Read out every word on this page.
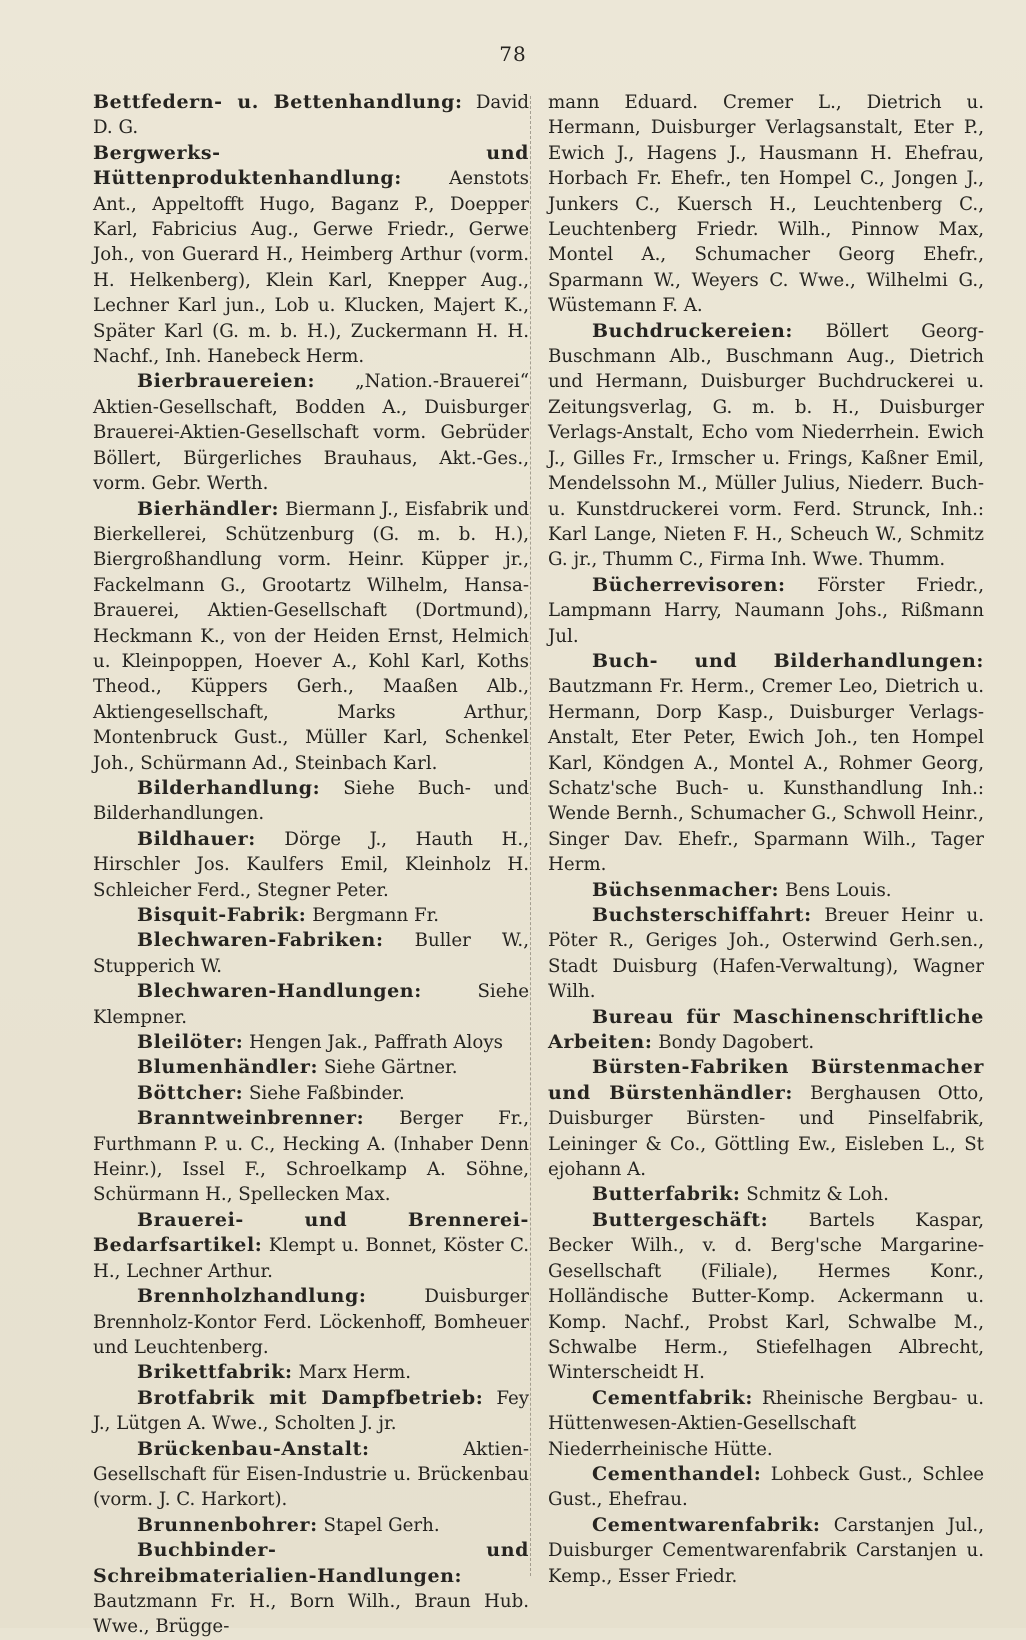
78

Bettfedern- u. Bettenhandlung: David D. G.

Bergwerks- und Hüttenproduktenhandlung: Aenstots Ant., Appeltofft Hugo, Baganz P., Doepper Karl, Fabricius Aug., Gerwe Friedr., Gerwe Joh., von Guerard H., Heimberg Arthur (vorm. H. Helkenberg), Klein Karl, Knepper Aug., Lechner Karl jun., Lob u. Klucken, Majert K., Später Karl (G. m. b. H.), Zuckermann H. H. Nachf., Inh. Hanebeck Herm.

Bierbrauereien: „Nation.-Brauerei“ Aktien-Gesellschaft, Bodden A., Duisburger Brauerei-Aktien-Gesellschaft vorm. Gebrüder Böllert, Bürgerliches Brauhaus, Akt.-Ges., vorm. Gebr. Werth.

Bierhändler: Biermann J., Eisfabrik und Bierkellerei, Schützenburg (G. m. b. H.), Biergroßhandlung vorm. Heinr. Küpper jr., Fackelmann G., Grootartz Wilhelm, Hansa-Brauerei, Aktien-Gesellschaft (Dortmund), Heckmann K., von der Heiden Ernst, Helmich u. Kleinpoppen, Hoever A., Kohl Karl, Koths Theod., Küppers Gerh., Maaßen Alb., Aktiengesellschaft, Marks Arthur, Montenbruck Gust., Müller Karl, Schenkel Joh., Schürmann Ad., Steinbach Karl.

Bilderhandlung: Siehe Buch- und Bilderhandlungen.

Bildhauer: Dörge J., Hauth H., Hirschler Jos. Kaulfers Emil, Kleinholz H. Schleicher Ferd., Stegner Peter.

Bisquit-Fabrik: Bergmann Fr.

Blechwaren-Fabriken: Buller W., Stupperich W.

Blechwaren-Handlungen: Siehe Klempner.

Bleilöter: Hengen Jak., Paffrath Aloys

Blumenhändler: Siehe Gärtner.

Böttcher: Siehe Faßbinder.

Branntweinbrenner: Berger Fr., Furthmann P. u. C., Hecking A. (Inhaber Denn Heinr.), Issel F., Schroelkamp A. Söhne, Schürmann H., Spellecken Max.

Brauerei- und Brennerei-Bedarfsartikel: Klempt u. Bonnet, Köster C. H., Lechner Arthur.

Brennholzhandlung: Duisburger Brennholz-Kontor Ferd. Löckenhoff, Bomheuer und Leuchtenberg.

Brikettfabrik: Marx Herm.

Brotfabrik mit Dampfbetrieb: Fey J., Lütgen A. Wwe., Scholten J. jr.

Brückenbau-Anstalt: Aktien-Gesellschaft für Eisen-Industrie u. Brückenbau (vorm. J. C. Harkort).

Brunnenbohrer: Stapel Gerh.

Buchbinder- und Schreibmaterialien-Handlungen: Bautzmann Fr. H., Born Wilh., Braun Hub. Wwe., Brügge-

mann Eduard. Cremer L., Dietrich u. Hermann, Duisburger Verlagsanstalt, Eter P., Ewich J., Hagens J., Hausmann H. Ehefrau, Horbach Fr. Ehefr., ten Hompel C., Jongen J., Junkers C., Kuersch H., Leuchtenberg C., Leuchtenberg Friedr. Wilh., Pinnow Max, Montel A., Schumacher Georg Ehefr., Sparmann W., Weyers C. Wwe., Wilhelmi G., Wüstemann F. A.

Buchdruckereien: Böllert Georg-Buschmann Alb., Buschmann Aug., Dietrich und Hermann, Duisburger Buchdruckerei u. Zeitungsverlag, G. m. b. H., Duisburger Verlags-Anstalt, Echo vom Niederrhein. Ewich J., Gilles Fr., Irmscher u. Frings, Kaßner Emil, Mendelssohn M., Müller Julius, Niederr. Buch- u. Kunstdruckerei vorm. Ferd. Strunck, Inh.: Karl Lange, Nieten F. H., Scheuch W., Schmitz G. jr., Thumm C., Firma Inh. Wwe. Thumm.

Bücherrevisoren: Förster Friedr., Lampmann Harry, Naumann Johs., Rißmann Jul.

Buch- und Bilderhandlungen: Bautzmann Fr. Herm., Cremer Leo, Dietrich u. Hermann, Dorp Kasp., Duisburger Verlags-Anstalt, Eter Peter, Ewich Joh., ten Hompel Karl, Köndgen A., Montel A., Rohmer Georg, Schatz'sche Buch- u. Kunsthandlung Inh.: Wende Bernh., Schumacher G., Schwoll Heinr., Singer Dav. Ehefr., Sparmann Wilh., Tager Herm.

Büchsenmacher: Bens Louis.

Buchsterschiffahrt: Breuer Heinr u. Pöter R., Geriges Joh., Osterwind Gerh.sen., Stadt Duisburg (Hafen-Verwaltung), Wagner Wilh.

Bureau für Maschinenschriftliche Arbeiten: Bondy Dagobert.

Bürsten-Fabriken Bürstenmacher und Bürstenhändler: Berghausen Otto, Duisburger Bürsten- und Pinselfabrik, Leininger & Co., Göttling Ew., Eisleben L., St ejohann A.

Butterfabrik: Schmitz & Loh.

Buttergeschäft: Bartels Kaspar, Becker Wilh., v. d. Berg'sche Margarine-Gesellschaft (Filiale), Hermes Konr., Holländische Butter-Komp. Ackermann u. Komp. Nachf., Probst Karl, Schwalbe M., Schwalbe Herm., Stiefelhagen Albrecht, Winterscheidt H.

Cementfabrik: Rheinische Bergbau- u. Hüttenwesen-Aktien-Gesellschaft Niederrheinische Hütte.

Cementhandel: Lohbeck Gust., Schlee Gust., Ehefrau.

Cementwarenfabrik: Carstanjen Jul., Duisburger Cementwarenfabrik Carstanjen u. Kemp., Esser Friedr.
